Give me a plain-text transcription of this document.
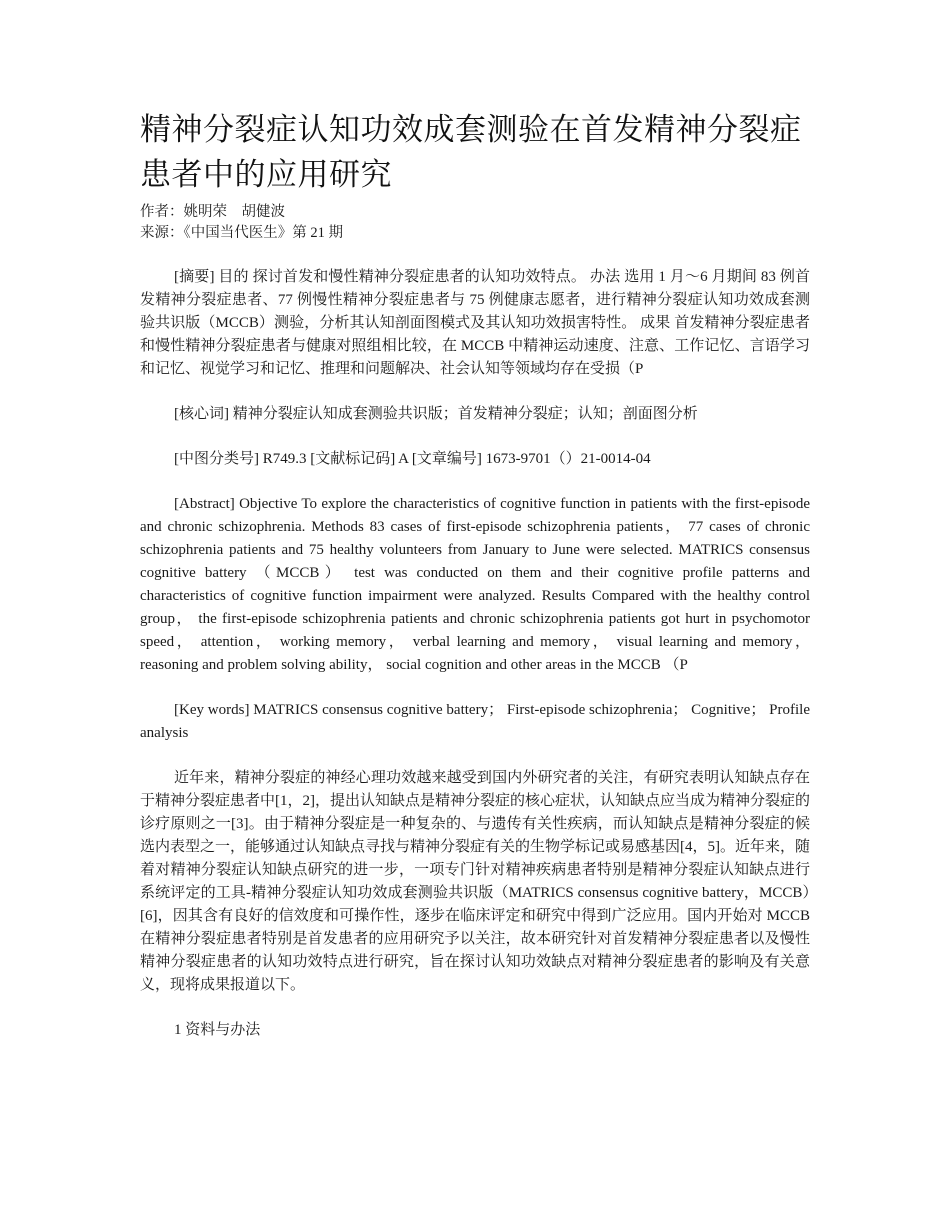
精神分裂症认知功效成套测验在首发精神分裂症患者中的应用研究
作者：姚明荣　胡健波
来源：《中国当代医生》第 21 期

[摘要] 目的 探讨首发和慢性精神分裂症患者的认知功效特点。 办法 选用 1 月～6 月期间 83 例首发精神分裂症患者、77 例慢性精神分裂症患者与 75 例健康志愿者，进行精神分裂症认知功效成套测验共识版（MCCB）测验，分析其认知剖面图模式及其认知功效损害特性。 成果 首发精神分裂症患者和慢性精神分裂症患者与健康对照组相比较，在 MCCB 中精神运动速度、注意、工作记忆、言语学习和记忆、视觉学习和记忆、推理和问题解决、社会认知等领域均存在受损（P

[核心词] 精神分裂症认知成套测验共识版；首发精神分裂症；认知；剖面图分析

[中图分类号] R749.3 [文献标记码] A [文章编号] 1673-9701（）21-0014-04

[Abstract] Objective To explore the characteristics of cognitive function in patients with the first-episode and chronic schizophrenia. Methods 83 cases of first-episode schizophrenia patients， 77 cases of chronic schizophrenia patients and 75 healthy volunteers from January to June were selected. MATRICS consensus cognitive battery （MCCB） test was conducted on them and their cognitive profile patterns and characteristics of cognitive function impairment were analyzed. Results Compared with the healthy control group， the first-episode schizophrenia patients and chronic schizophrenia patients got hurt in psychomotor speed， attention， working memory， verbal learning and memory， visual learning and memory， reasoning and problem solving ability， social cognition and other areas in the MCCB （P

[Key words] MATRICS consensus cognitive battery； First-episode schizophrenia； Cognitive； Profile analysis

近年来，精神分裂症的神经心理功效越来越受到国内外研究者的关注，有研究表明认知缺点存在于精神分裂症患者中[1，2]，提出认知缺点是精神分裂症的核心症状，认知缺点应当成为精神分裂症的诊疗原则之一[3]。由于精神分裂症是一种复杂的、与遗传有关性疾病，而认知缺点是精神分裂症的候选内表型之一，能够通过认知缺点寻找与精神分裂症有关的生物学标记或易感基因[4，5]。近年来，随着对精神分裂症认知缺点研究的进一步，一项专门针对精神疾病患者特别是精神分裂症认知缺点进行系统评定的工具-精神分裂症认知功效成套测验共识版（MATRICS consensus cognitive battery，MCCB）[6]，因其含有良好的信效度和可操作性，逐步在临床评定和研究中得到广泛应用。国内开始对 MCCB 在精神分裂症患者特别是首发患者的应用研究予以关注，故本研究针对首发精神分裂症患者以及慢性精神分裂症患者的认知功效特点进行研究，旨在探讨认知功效缺点对精神分裂症患者的影响及有关意义，现将成果报道以下。

1 资料与办法
